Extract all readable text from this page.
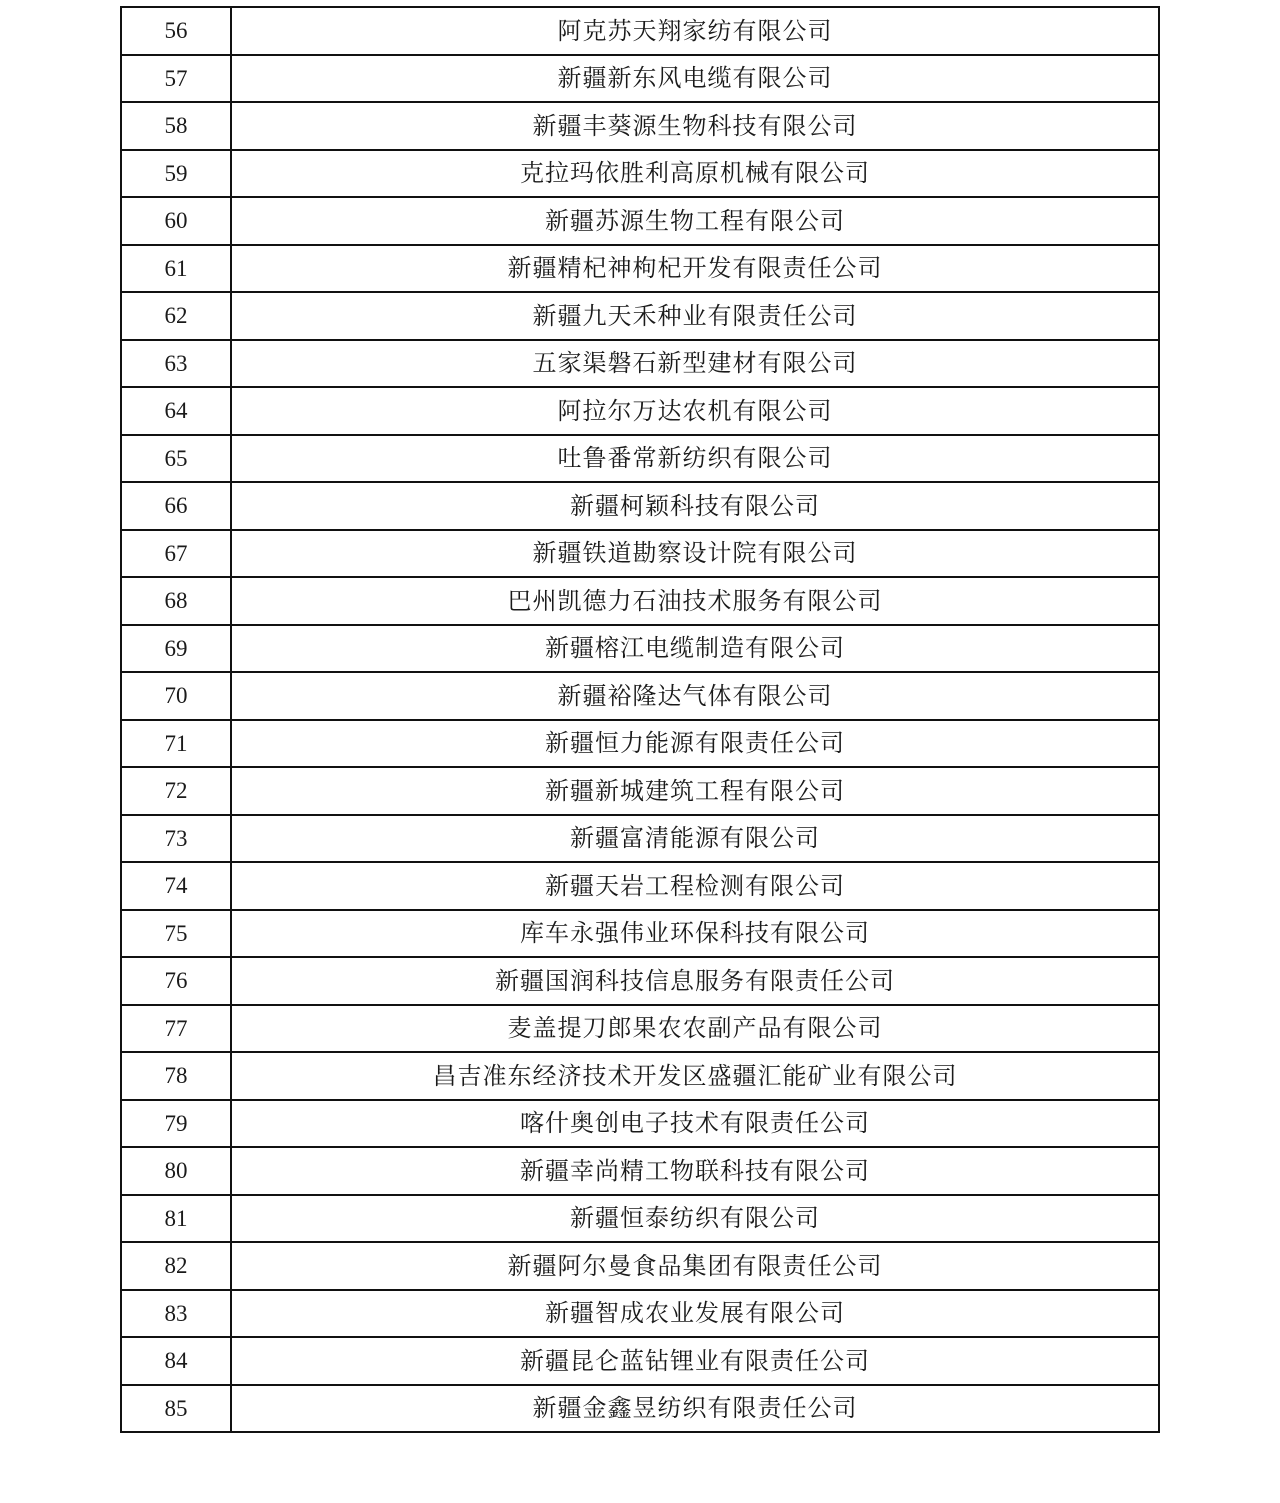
56	阿克苏天翔家纺有限公司
57	新疆新东风电缆有限公司
58	新疆丰葵源生物科技有限公司
59	克拉玛依胜利高原机械有限公司
60	新疆苏源生物工程有限公司
61	新疆精杞神枸杞开发有限责任公司
62	新疆九天禾种业有限责任公司
63	五家渠磐石新型建材有限公司
64	阿拉尔万达农机有限公司
65	吐鲁番常新纺织有限公司
66	新疆柯颖科技有限公司
67	新疆铁道勘察设计院有限公司
68	巴州凯德力石油技术服务有限公司
69	新疆榕江电缆制造有限公司
70	新疆裕隆达气体有限公司
71	新疆恒力能源有限责任公司
72	新疆新城建筑工程有限公司
73	新疆富清能源有限公司
74	新疆天岩工程检测有限公司
75	库车永强伟业环保科技有限公司
76	新疆国润科技信息服务有限责任公司
77	麦盖提刀郎果农农副产品有限公司
78	昌吉准东经济技术开发区盛疆汇能矿业有限公司
79	喀什奥创电子技术有限责任公司
80	新疆幸尚精工物联科技有限公司
81	新疆恒泰纺织有限公司
82	新疆阿尔曼食品集团有限责任公司
83	新疆智成农业发展有限公司
84	新疆昆仑蓝钻锂业有限责任公司
85	新疆金鑫昱纺织有限责任公司
